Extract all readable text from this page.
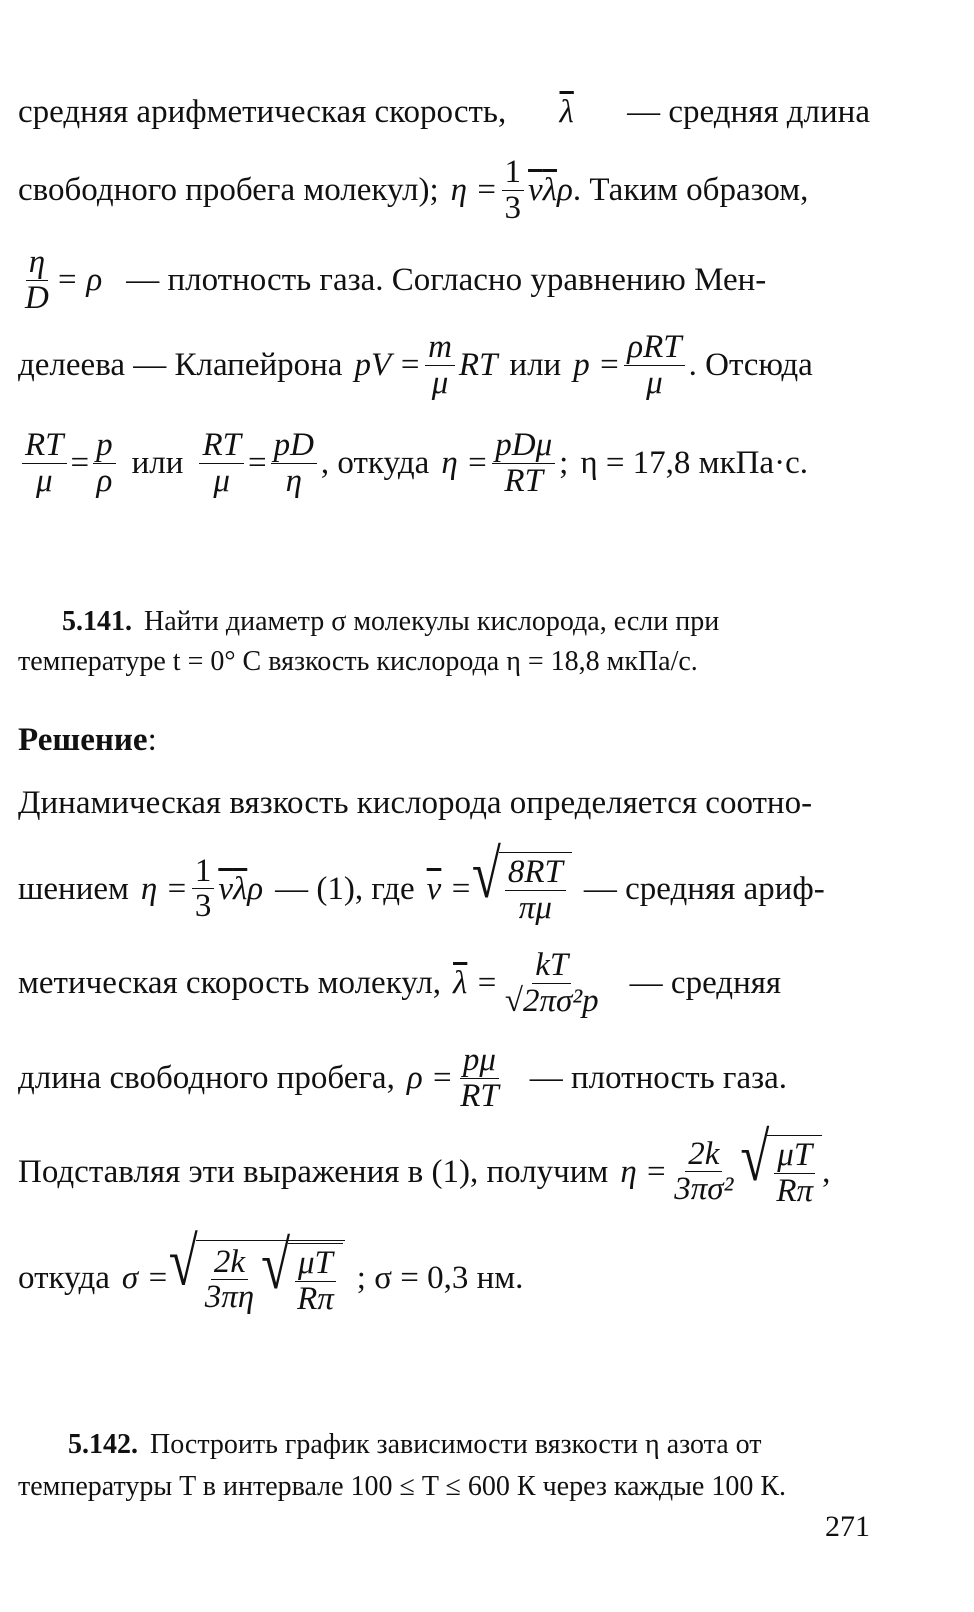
средняя арифметическая скорость, $\overline{\lambda}$ — средняя длина
свободного пробега молекул); $\eta = \frac{1}{3} \overline{v}\overline{\lambda}\rho$ . Таким образом,
$\frac{\eta}{D} = \rho$ — плотность газа. Согласно уравнению Мен-
делеева — Клапейрона pV = $\frac{m}{\mu}$ RT или $p = \frac{\text{ρRT}}{\mu}$ . Отсюда
$\frac{RT}{\mu} = \frac{p}{\rho}$ или $\frac{RT}{\mu} = \frac{pD}{\eta}$ , откуда $\eta = \frac{\text{pDμ}}{RT}$ ; η = 17,8 мкПа·с.
5.141. Найти диаметр σ молекулы кислорода, если при
температуре t = 0° C вязкость кислорода η = 18,8 мкПа/с.
Решение:
Динамическая вязкость кислорода определяется соотно-
шением $\eta = \frac{1}{3} \overline{v}\overline{\lambda}\rho$ — (1), где $\overline{v}$ = √ $\frac{8RT}{\pi\mu}$ — средняя ариф-
метическая скорость молекул, $\overline{\lambda} = \frac{kT}{\text{√2πσ²p}}$ — средняя
длина свободного пробега, $\rho = \frac{p\mu}{RT}$ — плотность газа.
Подставляя эти выражения в (1), получим $\eta = \frac{2k}{\text{3πσ²}}$ √ $\frac{\mu T}{R\pi}$ ,
откуда σ = √ $\frac{2k}{3\pi\eta}$ √ $\frac{\mu T}{R\pi}$ ; σ = 0,3 нм.
5.142. Построить график зависимости вязкости η азота от
температуры T в интервале 100 ≤ T ≤ 600 К через каждые 100 К.
271
